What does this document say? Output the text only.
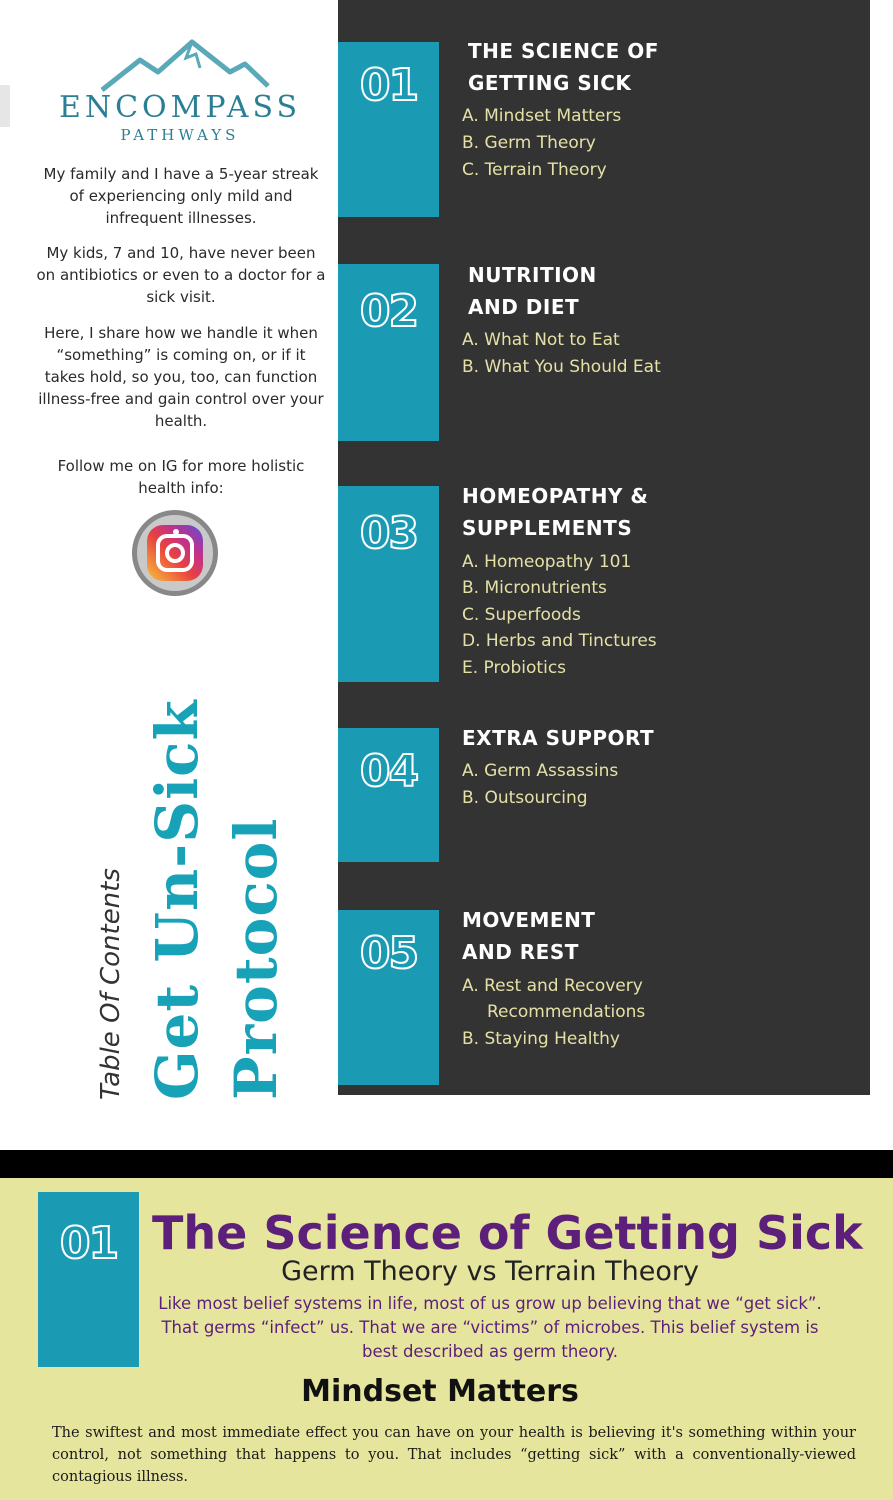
ENCOMPASS
PATHWAYS

My family and I have a 5-year streak of experiencing only mild and infrequent illnesses.

My kids, 7 and 10, have never been on antibiotics or even to a doctor for a sick visit.

Here, I share how we handle it when “something” is coming on, or if it takes hold, so you, too, can function illness-free and gain control over your health.

Follow me on IG for more holistic health info:

Table Of Contents Get Un-Sick Protocol
01
THE SCIENCE OF
GETTING SICK
A. Mindset Matters
B. Germ Theory
C. Terrain Theory
02
NUTRITION
AND DIET
A. What Not to Eat
B. What You Should Eat
03
HOMEOPATHY &
SUPPLEMENTS
A. Homeopathy 101
B. Micronutrients
C. Superfoods
D. Herbs and Tinctures
E. Probiotics
04
EXTRA SUPPORT
A. Germ Assassins
B. Outsourcing
05
MOVEMENT
AND REST
A. Rest and Recovery
Recommendations
B. Staying Healthy
01 The Science of Getting Sick
Germ Theory vs Terrain Theory

Like most belief systems in life, most of us grow up believing that we “get sick”. That germs “infect” us. That we are “victims” of microbes. This belief system is best described as germ theory.

Mindset Matters

The swiftest and most immediate effect you can have on your health is believing it's something within your control, not something that happens to you. That includes “getting sick” with a conventionally-viewed contagious illness.
